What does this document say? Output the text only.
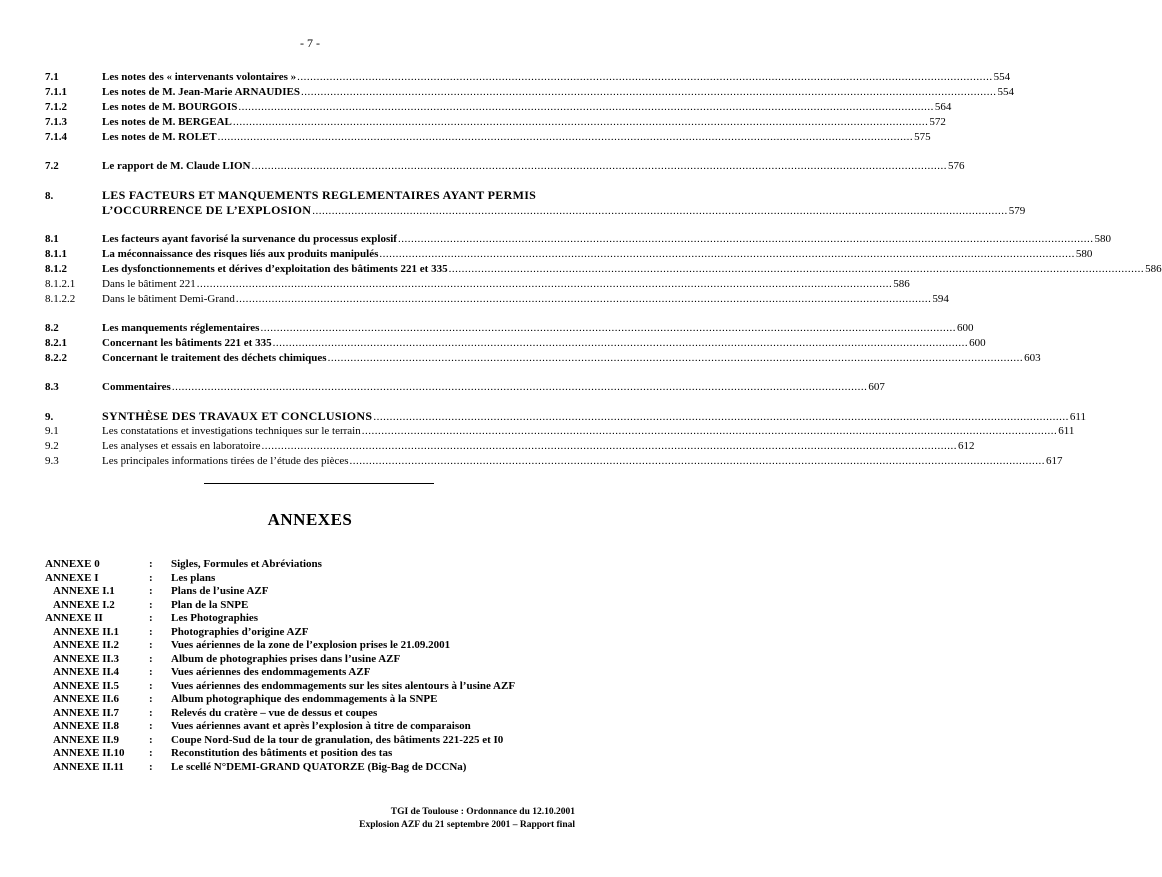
- 7 -
7.1	Les notes des « intervenants volontaires » .....	554
7.1.1	Les notes de M. Jean-Marie ARNAUDIES .....	554
7.1.2	Les notes de M. BOURGOIS .....	564
7.1.3	Les notes de M. BERGEAL .....	572
7.1.4	Les notes de M. ROLET .....	575
7.2	Le rapport de M. Claude LION .....	576
8.	LES FACTEURS ET MANQUEMENTS REGLEMENTAIRES AYANT PERMIS
L’OCCURRENCE DE L’EXPLOSION .....	579
8.1	Les facteurs ayant favorisé la survenance du processus explosif .....	580
8.1.1	La méconnaissance des risques liés aux produits manipulés .....	580
8.1.2	Les dysfonctionnements et dérives d’exploitation des bâtiments 221 et 335 .....	586
8.1.2.1	Dans le bâtiment 221 .....	586
8.1.2.2	Dans le bâtiment Demi-Grand .....	594
8.2	Les manquements réglementaires .....	600
8.2.1	Concernant les bâtiments 221 et 335 .....	600
8.2.2	Concernant le traitement des déchets chimiques .....	603
8.3	Commentaires .....	607
9.	SYNTHÈSE DES TRAVAUX ET CONCLUSIONS .....	611
9.1	Les constatations et investigations techniques sur le terrain .....	611
9.2	Les analyses et essais en laboratoire .....	612
9.3	Les principales informations tirées de l’étude des pièces .....	617
ANNEXES
ANNEXE 0	:	Sigles, Formules et Abréviations
ANNEXE I	:	Les plans
ANNEXE I.1	:	Plans de l’usine AZF
ANNEXE I.2	:	Plan de la SNPE
ANNEXE II	:	Les Photographies
ANNEXE II.1	:	Photographies d’origine AZF
ANNEXE II.2	:	Vues aériennes de la zone de l’explosion prises le 21.09.2001
ANNEXE II.3	:	Album de photographies prises dans l’usine AZF
ANNEXE II.4	:	Vues aériennes des endommagements AZF
ANNEXE II.5	:	Vues aériennes des endommagements sur les sites alentours à l’usine AZF
ANNEXE II.6	:	Album photographique des endommagements à la SNPE
ANNEXE II.7	:	Relevés du cratère – vue de dessus et coupes
ANNEXE II.8	:	Vues aériennes avant et après l’explosion à titre de comparaison
ANNEXE II.9	:	Coupe Nord-Sud de la tour de granulation, des bâtiments 221-225 et I0
ANNEXE II.10	:	Reconstitution des bâtiments et position des tas
ANNEXE II.11	:	Le scellé N°DEMI-GRAND QUATORZE (Big-Bag de DCCNa)
TGI de Toulouse : Ordonnance du 12.10.2001
Explosion AZF du 21 septembre 2001 – Rapport final
